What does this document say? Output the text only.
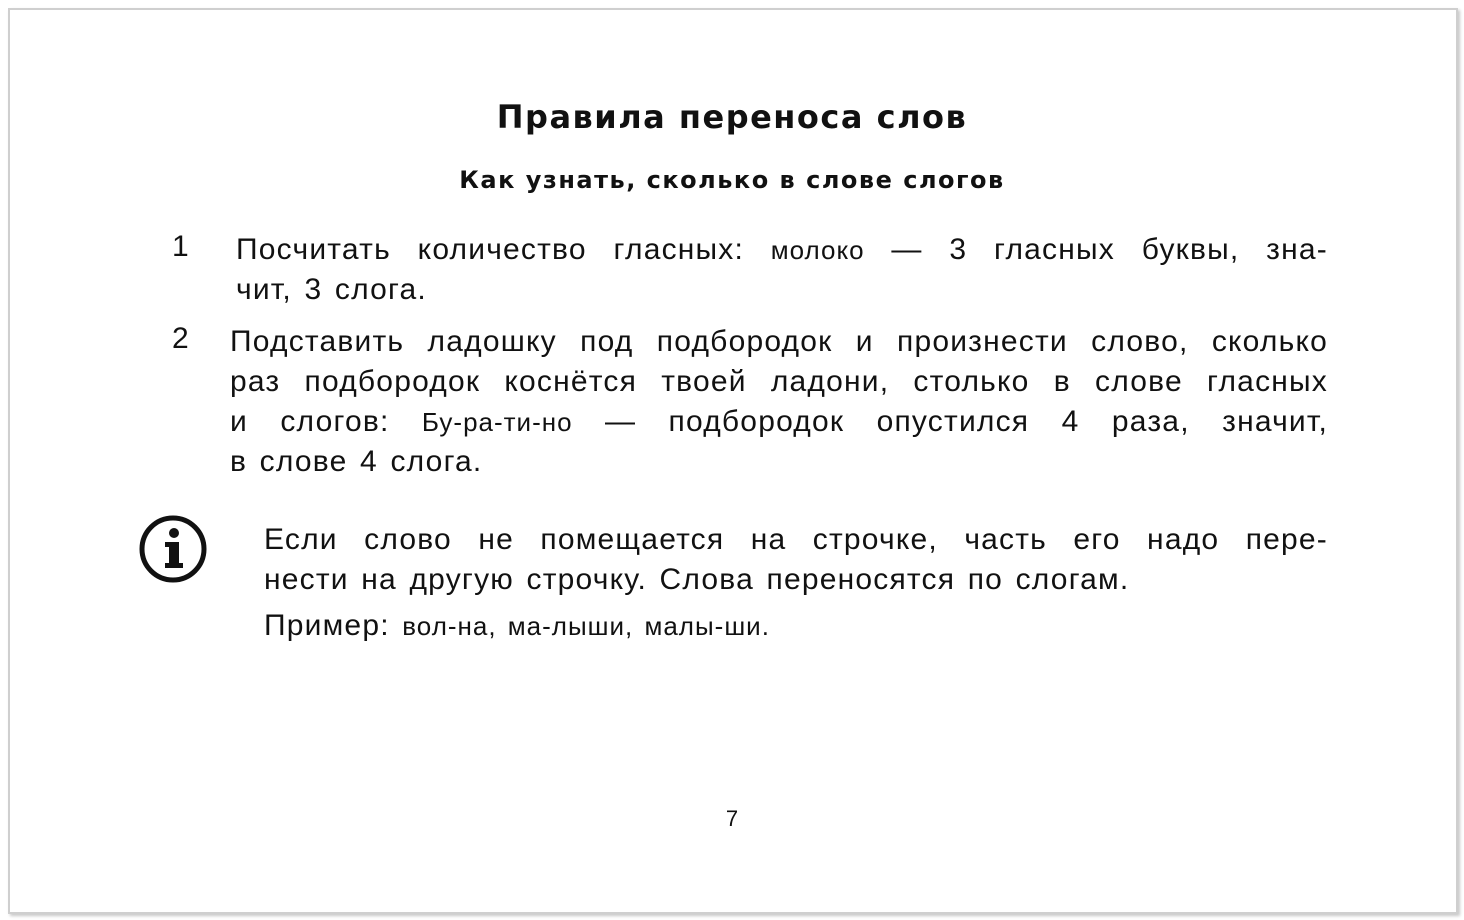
Правила переноса слов
Как узнать, сколько в слове слогов
1 Посчитать количество гласных: молоко — 3 гласных буквы, зна-
чит, 3 слога.
2 Подставить ладошку под подбородок и произнести слово, сколько
раз подбородок коснётся твоей ладони, столько в слове гласных
и слогов: Бу-ра-ти-но — подбородок опустился 4 раза, значит,
в слове 4 слога.
Если слово не помещается на строчке, часть его надо пере-
нести на другую строчку. Слова переносятся по слогам.
Пример: вол-на, ма-лыши, малы-ши.
7
